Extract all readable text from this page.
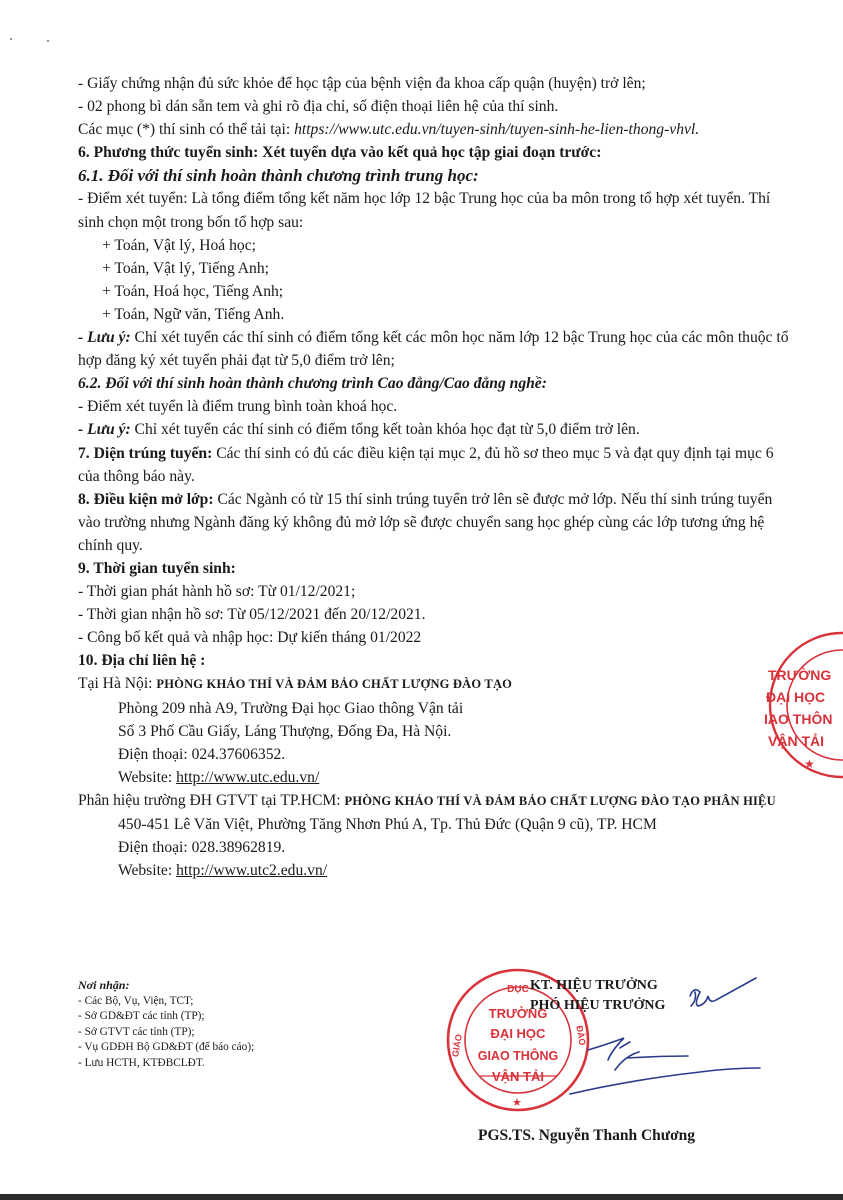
- Giấy chứng nhận đủ sức khỏe để học tập của bệnh viện đa khoa cấp quận (huyện) trở lên;

- 02 phong bì dán sẵn tem và ghi rõ địa chỉ, số điện thoại liên hệ của thí sinh.

Các mục (*) thí sinh có thể tải tại: https://www.utc.edu.vn/tuyen-sinh/tuyen-sinh-he-lien-thong-vhvl.

6. Phương thức tuyển sinh: Xét tuyển dựa vào kết quả học tập giai đoạn trước:

6.1. Đối với thí sinh hoàn thành chương trình trung học:

- Điểm xét tuyển: Là tổng điểm tổng kết năm học lớp 12 bậc Trung học của ba môn trong tổ hợp xét tuyển. Thí sinh chọn một trong bốn tổ hợp sau:

+ Toán, Vật lý, Hoá học;

+ Toán, Vật lý, Tiếng Anh;

+ Toán, Hoá học, Tiếng Anh;

+ Toán, Ngữ văn, Tiếng Anh.

- Lưu ý: Chỉ xét tuyển các thí sinh có điểm tổng kết các môn học năm lớp 12 bậc Trung học của các môn thuộc tổ hợp đăng ký xét tuyển phải đạt từ 5,0 điểm trở lên;

6.2. Đối với thí sinh hoàn thành chương trình Cao đẳng/Cao đẳng nghề:

- Điểm xét tuyển là điểm trung bình toàn khoá học.

- Lưu ý: Chỉ xét tuyển các thí sinh có điểm tổng kết toàn khóa học đạt từ 5,0 điểm trở lên.

7. Diện trúng tuyển: Các thí sinh có đủ các điều kiện tại mục 2, đủ hồ sơ theo mục 5 và đạt quy định tại mục 6 của thông báo này.

8. Điều kiện mở lớp: Các Ngành có từ 15 thí sinh trúng tuyển trở lên sẽ được mở lớp. Nếu thí sinh trúng tuyển vào trường nhưng Ngành đăng ký không đủ mở lớp sẽ được chuyển sang học ghép cùng các lớp tương ứng hệ chính quy.

9. Thời gian tuyển sinh:

- Thời gian phát hành hồ sơ: Từ 01/12/2021;

- Thời gian nhận hồ sơ: Từ 05/12/2021 đến 20/12/2021.

- Công bố kết quả và nhập học: Dự kiến tháng 01/2022

10. Địa chỉ liên hệ :

Tại Hà Nội: PHÒNG KHẢO THÍ VÀ ĐẢM BẢO CHẤT LƯỢNG ĐÀO TẠO

Phòng 209 nhà A9, Trường Đại học Giao thông Vận tải

Số 3 Phố Cầu Giấy, Láng Thượng, Đống Đa, Hà Nội.

Điện thoại: 024.37606352.

Website: http://www.utc.edu.vn/

Phân hiệu trường ĐH GTVT tại TP.HCM: PHÒNG KHẢO THÍ VÀ ĐẢM BẢO CHẤT LƯỢNG ĐÀO TẠO PHÂN HIỆU

450-451 Lê Văn Việt, Phường Tăng Nhơn Phú A, Tp. Thủ Đức (Quận 9 cũ), TP. HCM

Điện thoại: 028.38962819.

Website: http://www.utc2.edu.vn/

TRƯỜNG
ĐẠI HỌC
IAO THÔN
VẬN TẢI
★
Nơi nhận:
- Các Bộ, Vụ, Viện, TCT;
- Sở GD&ĐT các tỉnh (TP);
- Sở GTVT các tỉnh (TP);
- Vụ GDĐH Bộ GD&ĐT (để báo cáo);
- Lưu HCTH, KTĐBCLĐT.
DỤC
GIÁO	ĐÀO
TRƯỜNG
ĐẠI HỌC
GIAO THÔNG
VẬN TẢI
★
KT. HIỆU TRƯỞNG
PHÓ HIỆU TRƯỞNG
PGS.TS. Nguyễn Thanh Chương
